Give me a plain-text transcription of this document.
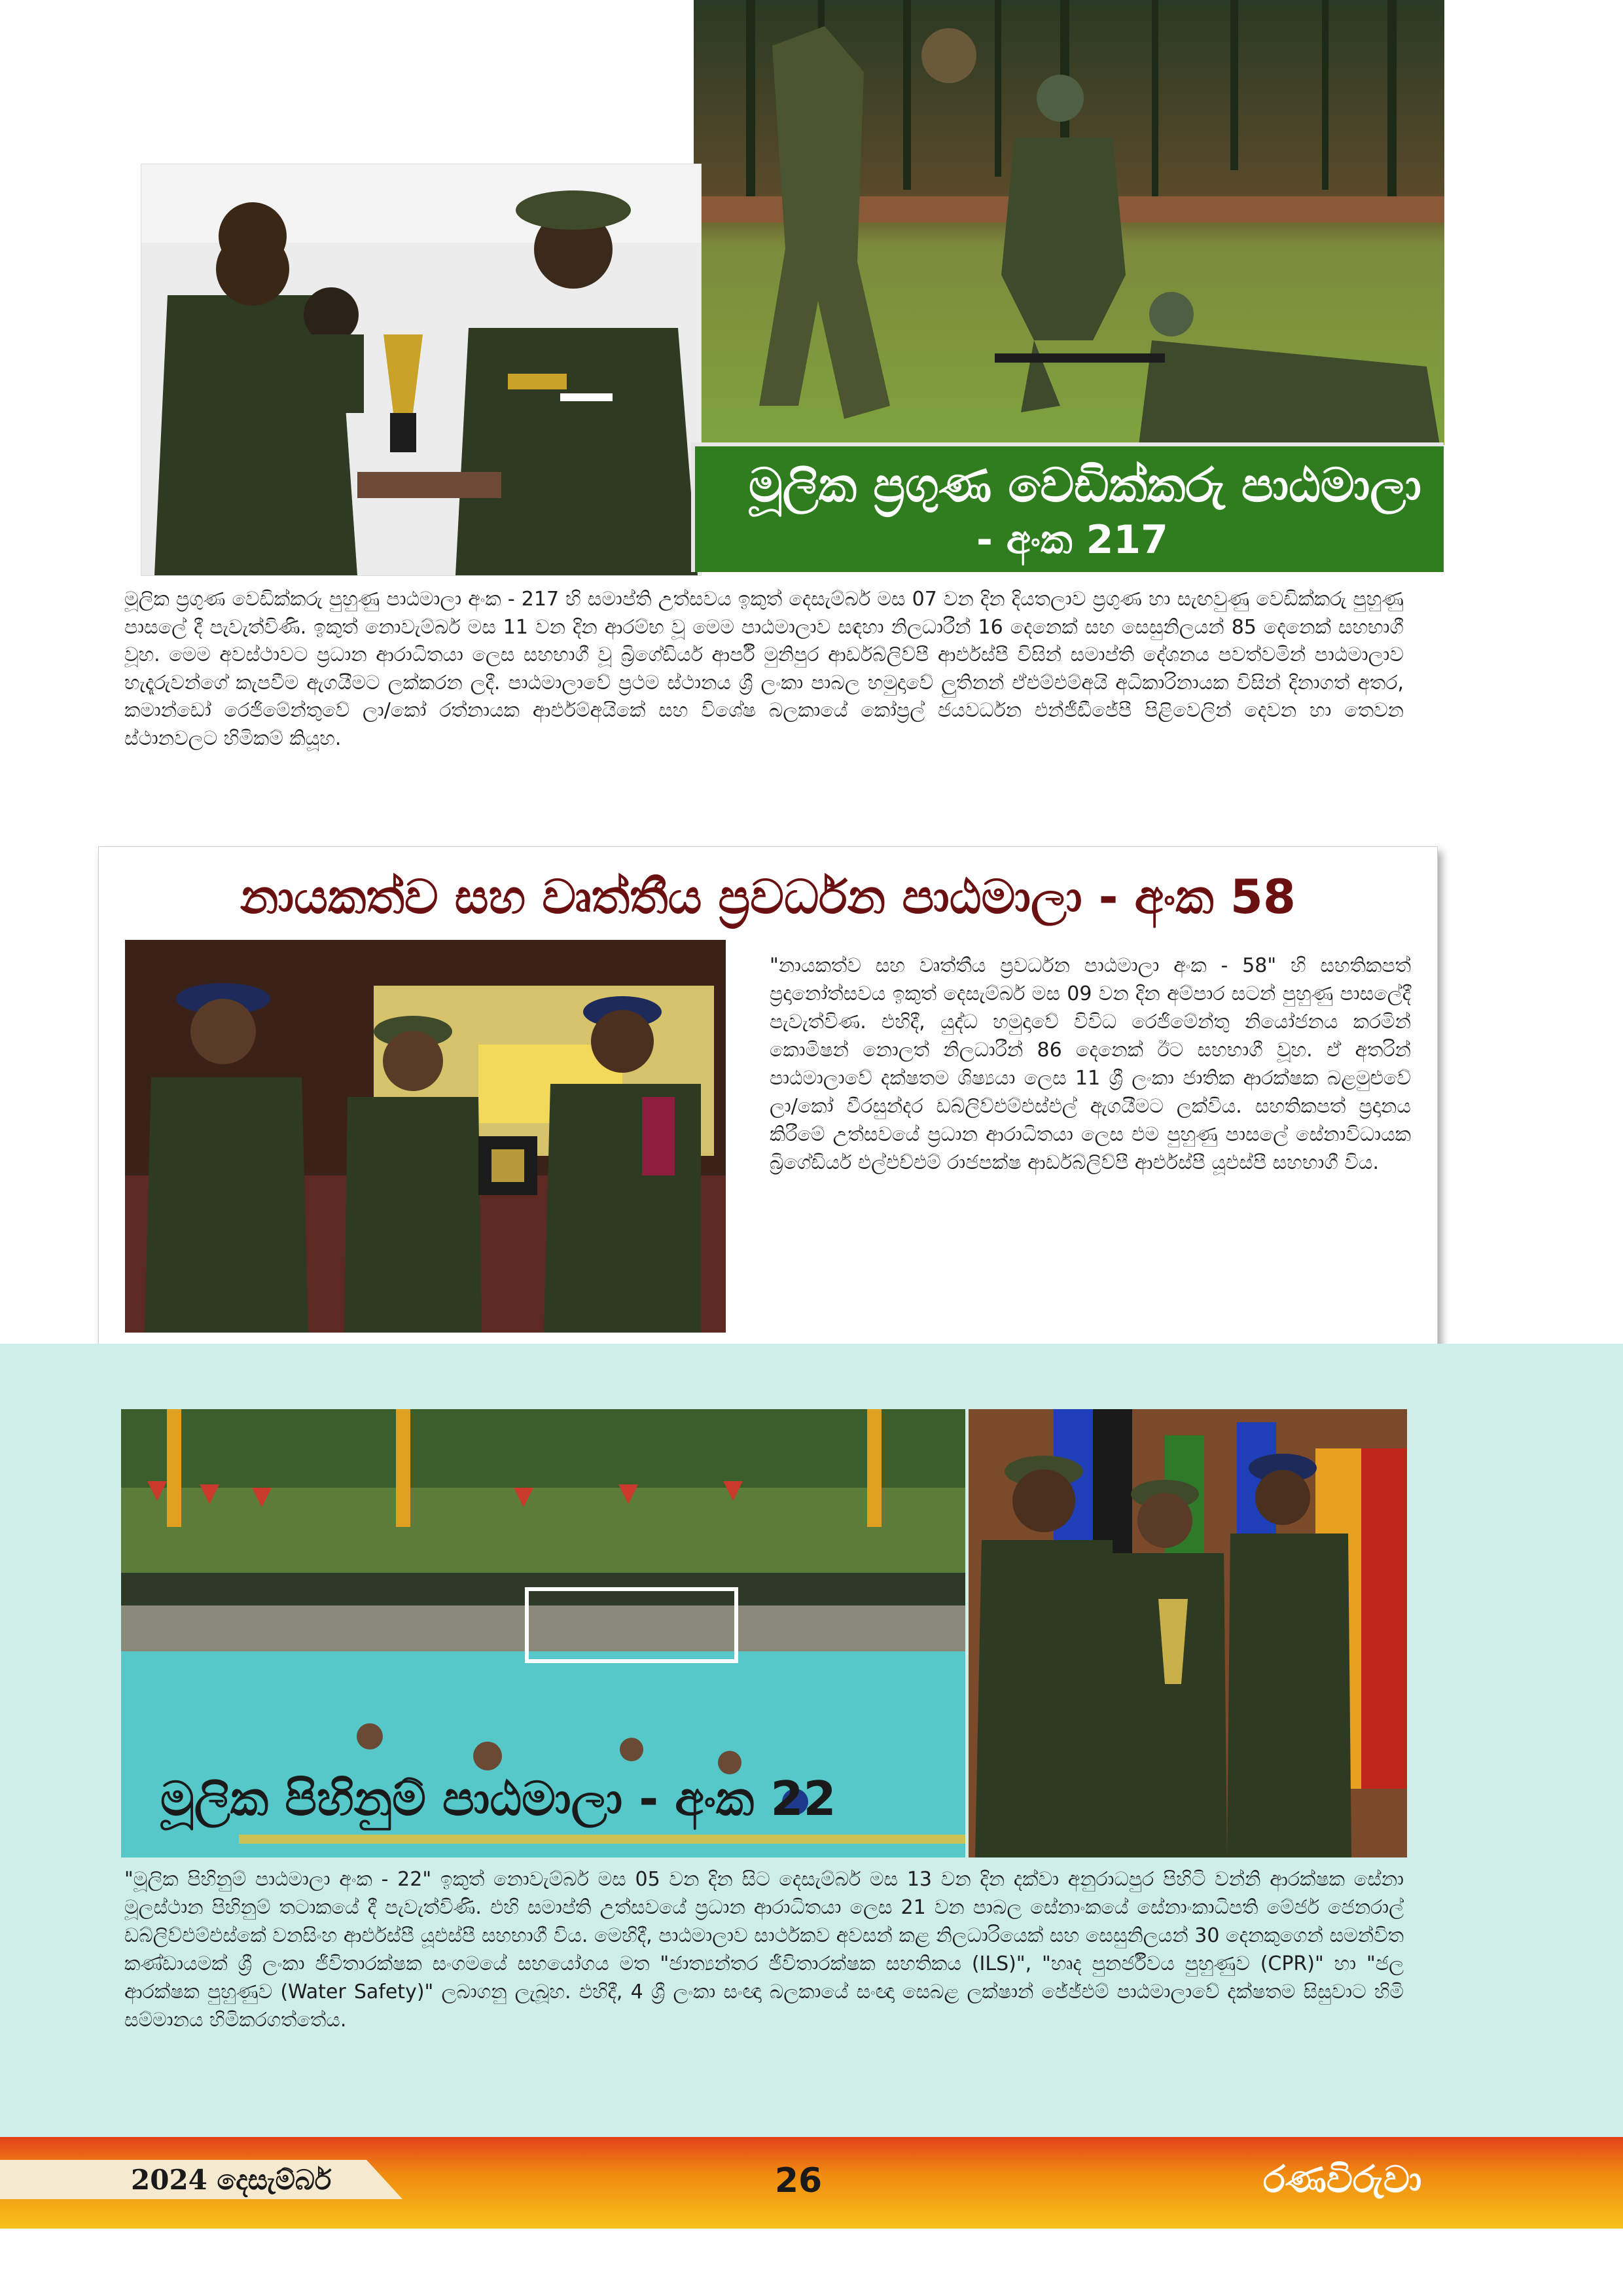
මූලික ප්‍රගුණ වෙඩික්කරු පාඨමාලා
- අංක 217
මූලික ප්‍රගුණ වෙඩික්කරු පුහුණු පාඨමාලා අංක - 217 හි සමාප්ති උත්සවය ඉකුත් දෙසැම්බර් මස 07 වන දින දියතලාව ප්‍රගුණ හා සැඟවුණු වෙඩික්කරු පුහුණු පාසලේ දී පැවැත්විණි. ඉකුත් නොවැම්බර් මස 11 වන දින ආරම්භ වූ මෙම පාඨමාලාව සඳහා නිලධාරීන් 16 දෙනෙක් සහ සෙසුනිලයන් 85 දෙනෙක් සහභාගී වූහ. මෙම අවස්ථාවට ප්‍රධාන ආරාධිතයා ලෙස සහභාගී වූ බ්‍රිගේඩියර් ආර්පී මුනිපුර ආර්ඩබ්ලිව්පී ආර්එස්පී විසින් සමාප්ති දේශනය පවත්වමින් පාඨමාලාව හැදෑරුවන්ගේ කැපවීම ඇගයීමට ලක්කරන ලදී. පාඨමාලාවේ ප්‍රථම ස්ථානය ශ්‍රී ලංකා පාබල හමුදාවේ ලුතිනන් ඒඑම්එම්අයි අධිකාරිනායක විසින් දිනාගත් අතර, කමාන්ඩෝ රෙජිමේන්තුවේ ලා/කෝ රත්නායක ආර්එම්අයිකේ සහ විශේෂ බලකායේ කෝප්‍රල් ජයවර්ධන එන්ජීඩීජේපී පිළිවෙලින් දෙවන හා තෙවන ස්ථානවලට හිමිකම් කියූහ.
නායකත්ව සහ වෘත්තීය ප්‍රවර්ධන පාඨමාලා - අංක 58
"නායකත්ව සහ වෘත්තීය ප්‍රවර්ධන පාඨමාලා අංක - 58" හි සහතිකපත් ප්‍රදානෝත්සවය ඉකුත් දෙසැම්බර් මස 09 වන දින අම්පාර සටන් පුහුණු පාසලේදී පැවැත්විණ. එහිදී, යුද්ධ හමුදාවේ විවිධ රෙජිමේන්තු නියෝජනය කරමින් කොමිෂන් නොලත් නිලධාරීන් 86 දෙනෙක් ඊට සහභාගී වූහ. ඒ අතරින් පාඨමාලාවේ දක්ෂතම ශිෂ්‍යයා ලෙස 11 ශ්‍රී ලංකා ජාතික ආරක්ෂක බළමුළුවේ ලා/කෝ වීරසුන්දර ඩබ්ලිව්එම්එස්එල් ඇගයීමට ලක්විය. සහතිකපත් ප්‍රදානය කිරීමේ උත්සවයේ ප්‍රධාන ආරාධිතයා ලෙස එම පුහුණු පාසලේ සේනාවිධායක බ්‍රිගේඩියර් එල්එච්එම් රාජපක්ෂ ආර්ඩබ්ලිව්පී ආර්එස්පී යූඑස්පී සහභාගී විය.
මූලික පිහිනුම් පාඨමාලා - අංක 22
"මූලික පිහිනුම් පාඨමාලා අංක - 22" ඉකුත් නොවැම්බර් මස 05 වන දින සිට දෙසැම්බර් මස 13 වන දින දක්වා අනුරාධපුර පිහිටි වන්නි ආරක්ෂක සේනා මූලස්ථාන පිහිනුම් තටාකයේ දී පැවැත්විණි. එහි සමාප්ති උත්සවයේ ප්‍රධාන ආරාධිතයා ලෙස 21 වන පාබල සේනාංකයේ සේනාංකාධිපති මේජර් ජෙනරාල් ඩබ්ලිව්එම්එස්කේ වනසිංහ ආර්එස්පී යූඑස්පී සහභාගී විය. මෙහිදී, පාඨමාලාව සාර්ථකව අවසන් කළ නිලධාරියෙක් සහ සෙසුනිලයන් 30 දෙනකුගෙන් සමන්විත කණ්ඩායමක් ශ්‍රී ලංකා ජීවිතාරක්ෂක සංගමයේ සහයෝගය මත "ජාත්‍යන්තර ජීවිතාරක්ෂක සහතිකය (ILS)", "හෘද පුනර්ජීවය පුහුණුව (CPR)" හා "ජල ආරක්ෂක පුහුණුව (Water Safety)" ලබාගනු ලැබූහ. එහිදී, 4 ශ්‍රී ලංකා සංඥා බලකායේ සංඥා සෙබළ ලක්ෂාන් ජේජ්එම් පාඨමාලාවේ දක්ෂතම සිසුවාට හිමි සම්මානය හිමිකරගත්තේය.
2024 දෙසැම්බර්	26	රණවිරුවා
